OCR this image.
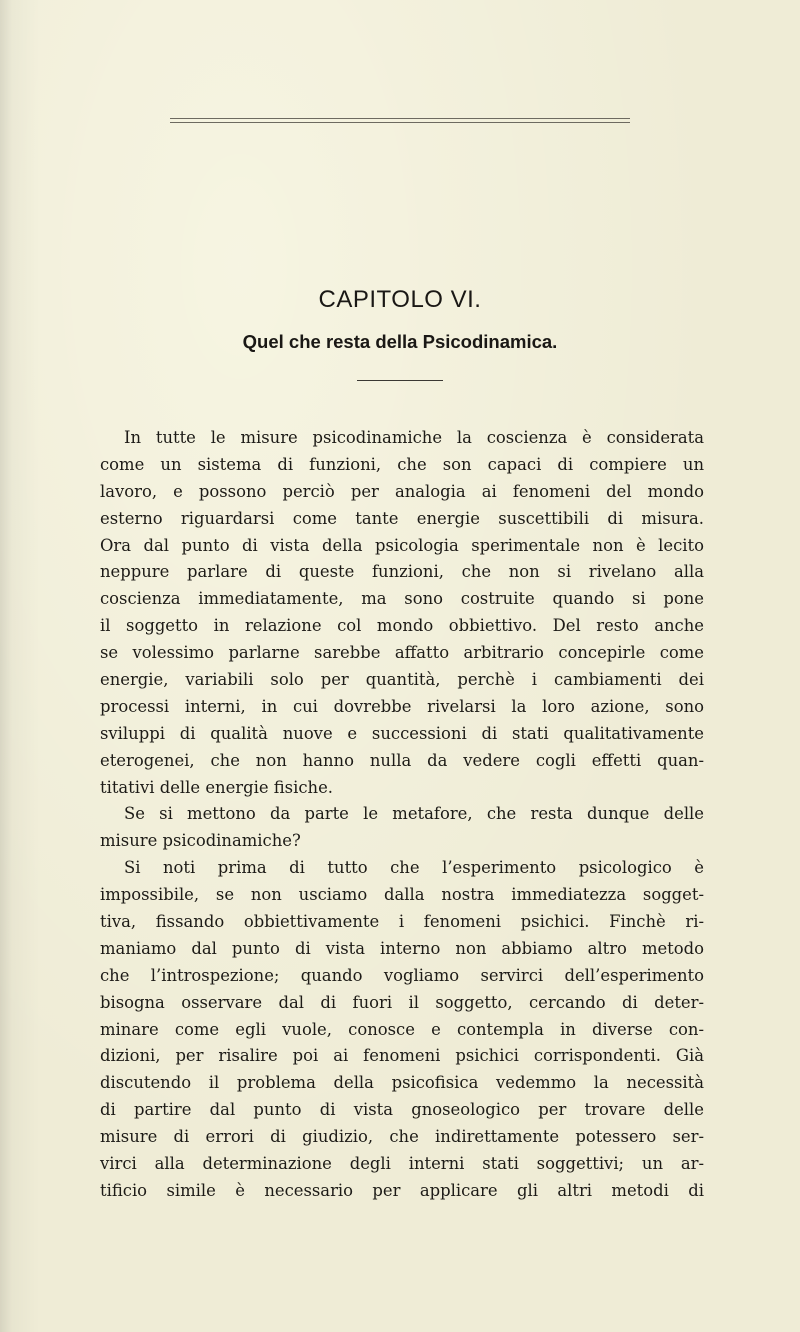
CAPITOLO VI.
Quel che resta della Psicodinamica.
In tutte le misure psicodinamiche la coscienza è considerata
come un sistema di funzioni, che son capaci di compiere un
lavoro, e possono perciò per analogia ai fenomeni del mondo
esterno riguardarsi come tante energie suscettibili di misura.
Ora dal punto di vista della psicologia sperimentale non è lecito
neppure parlare di queste funzioni, che non si rivelano alla
coscienza immediatamente, ma sono costruite quando si pone
il soggetto in relazione col mondo obbiettivo. Del resto anche
se volessimo parlarne sarebbe affatto arbitrario concepirle come
energie, variabili solo per quantità, perchè i cambiamenti dei
processi interni, in cui dovrebbe rivelarsi la loro azione, sono
sviluppi di qualità nuove e successioni di stati qualitativamente
eterogenei, che non hanno nulla da vedere cogli effetti quan-
titativi delle energie fisiche.
Se si mettono da parte le metafore, che resta dunque delle
misure psicodinamiche?
Si noti prima di tutto che l’esperimento psicologico è
impossibile, se non usciamo dalla nostra immediatezza sogget-
tiva, fissando obbiettivamente i fenomeni psichici. Finchè ri-
maniamo dal punto di vista interno non abbiamo altro metodo
che l’introspezione; quando vogliamo servirci dell’esperimento
bisogna osservare dal di fuori il soggetto, cercando di deter-
minare come egli vuole, conosce e contempla in diverse con-
dizioni, per risalire poi ai fenomeni psichici corrispondenti. Già
discutendo il problema della psicofisica vedemmo la necessità
di partire dal punto di vista gnoseologico per trovare delle
misure di errori di giudizio, che indirettamente potessero ser-
virci alla determinazione degli interni stati soggettivi; un ar-
tificio simile è necessario per applicare gli altri metodi di
